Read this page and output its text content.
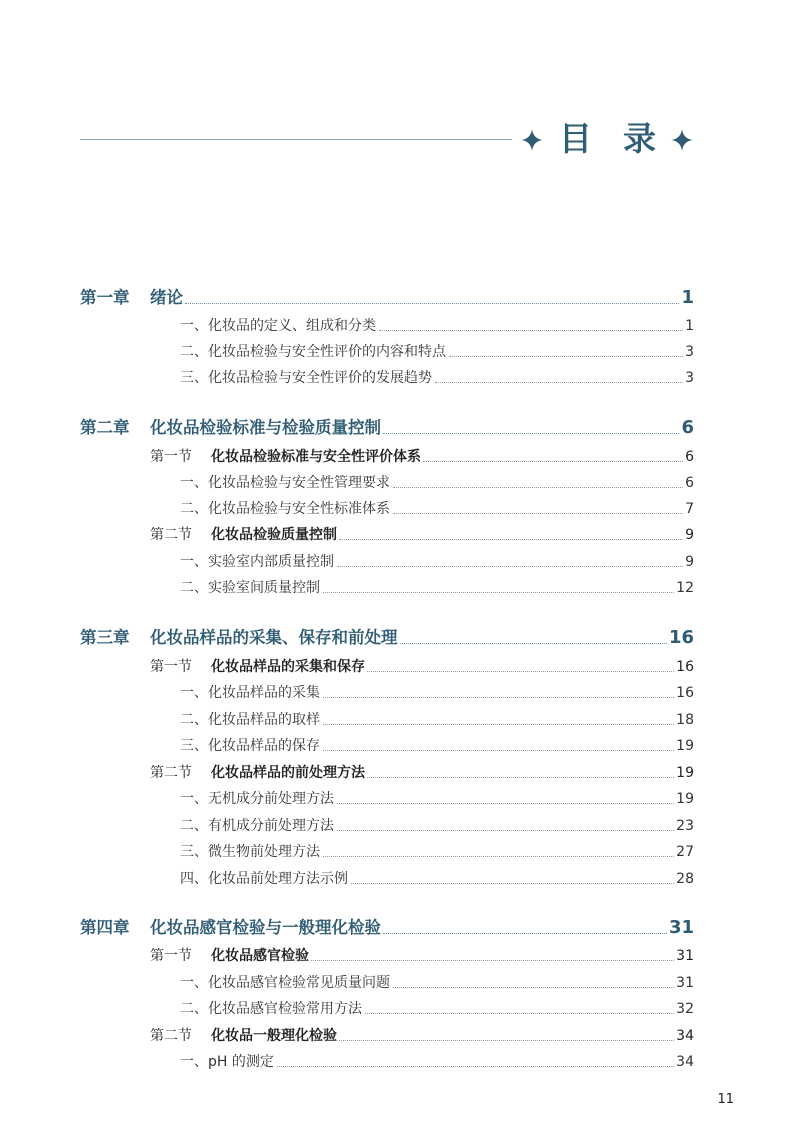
目 录
第一章	绪论	1
一、化妆品的定义、组成和分类	1
二、化妆品检验与安全性评价的内容和特点	3
三、化妆品检验与安全性评价的发展趋势	3
第二章	化妆品检验标准与检验质量控制	6
第一节	化妆品检验标准与安全性评价体系	6
一、化妆品检验与安全性管理要求	6
二、化妆品检验与安全性标准体系	7
第二节	化妆品检验质量控制	9
一、实验室内部质量控制	9
二、实验室间质量控制	12
第三章	化妆品样品的采集、保存和前处理	16
第一节	化妆品样品的采集和保存	16
一、化妆品样品的采集	16
二、化妆品样品的取样	18
三、化妆品样品的保存	19
第二节	化妆品样品的前处理方法	19
一、无机成分前处理方法	19
二、有机成分前处理方法	23
三、微生物前处理方法	27
四、化妆品前处理方法示例	28
第四章	化妆品感官检验与一般理化检验	31
第一节	化妆品感官检验	31
一、化妆品感官检验常见质量问题	31
二、化妆品感官检验常用方法	32
第二节	化妆品一般理化检验	34
一、pH 的测定	34
11
